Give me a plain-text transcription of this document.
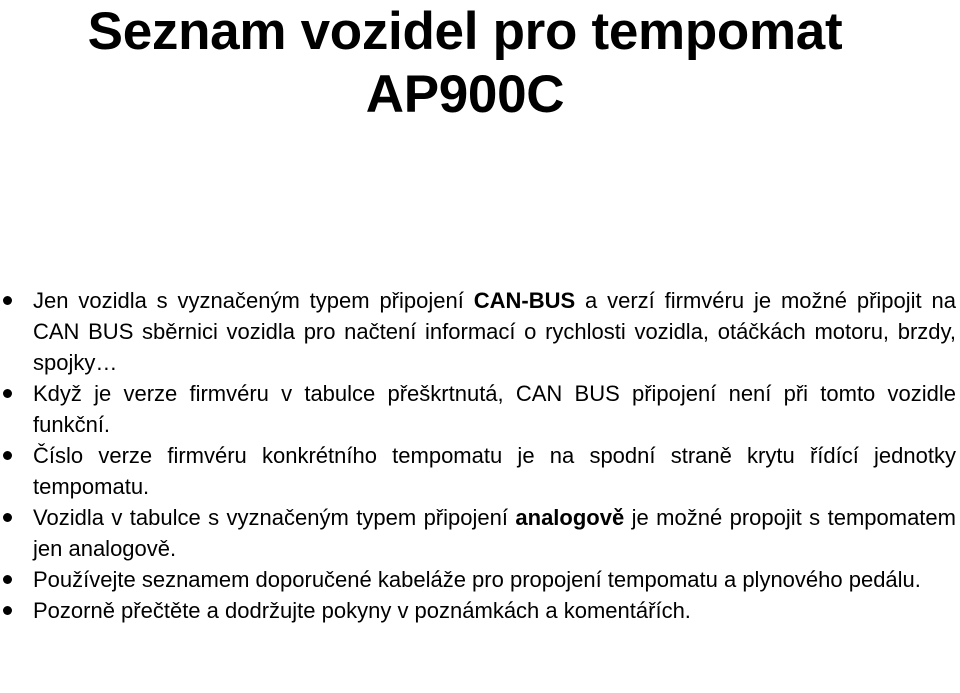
Seznam vozidel pro tempomat
AP900C
Jen vozidla s vyznačeným typem připojení CAN-BUS a verzí firmvéru je možné připojit na CAN BUS sběrnici vozidla pro načtení informací o rychlosti vozidla, otáčkách motoru, brzdy, spojky…
Když je verze firmvéru v tabulce přeškrtnutá, CAN BUS připojení není při tomto vozidle funkční.
Číslo verze firmvéru konkrétního tempomatu je na spodní straně krytu řídící jednotky tempomatu.
Vozidla v tabulce s vyznačeným typem připojení analogově je možné propojit s tempomatem jen analogově.
Používejte seznamem doporučené kabeláže pro propojení tempomatu a plynového pedálu.
Pozorně přečtěte a dodržujte pokyny v poznámkách a komentářích.
